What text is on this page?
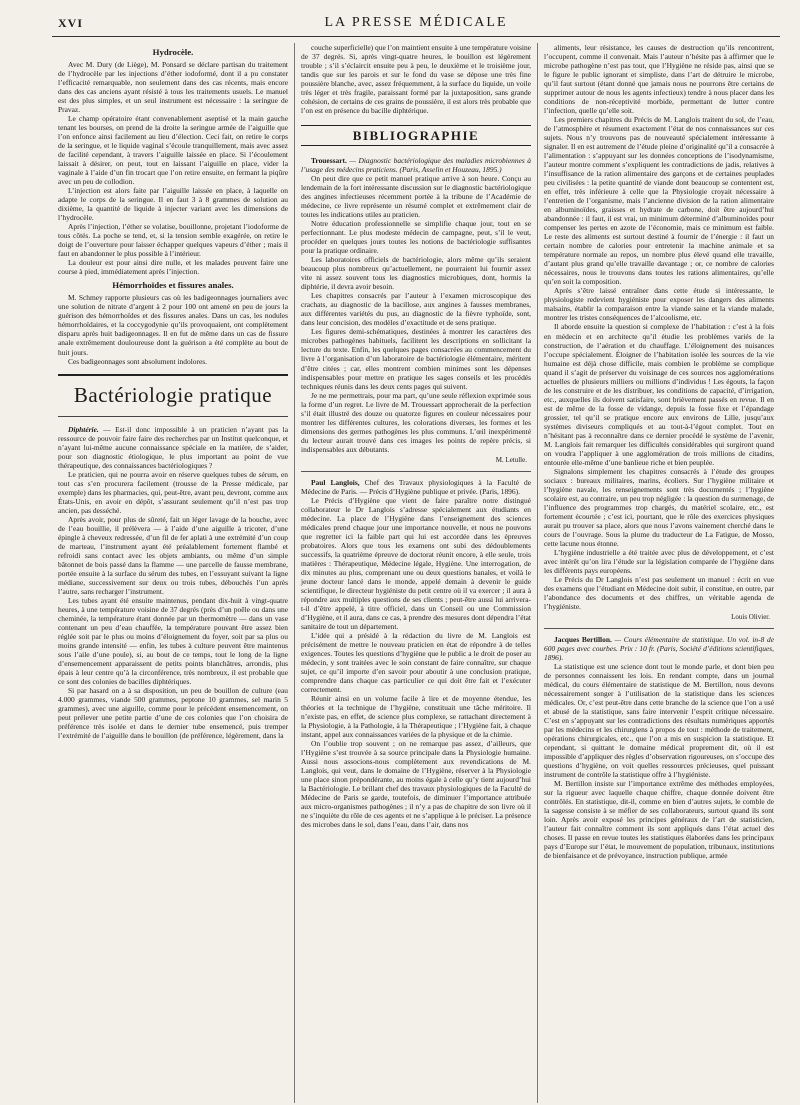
XVI	LA PRESSE MÉDICALE
Hydrocèle.

Avec M. Dury (de Liège), M. Ponsard se déclare partisan du traitement de l’hydrocèle par les injections d’éther iodoformé, dont il a pu constater l’efficacité remarquable, non seulement dans des cas récents, mais encore dans des cas anciens ayant résisté à tous les traitements usuels. Le manuel est des plus simples, et un seul instrument est nécessaire : la seringue de Pravaz.

Le champ opératoire étant convenablement aseptisé et la main gauche tenant les bourses, on prend de la droite la seringue armée de l’aiguille que l’on enfonce ainsi facilement au lieu d’élection. Ceci fait, on retire le corps de la seringue, et le liquide vaginal s’écoule tranquillement, mais avec assez de facilité cependant, à travers l’aiguille laissée en place. Si l’écoulement laissait à désirer, on peut, tout en laissant l’aiguille en place, vider la vaginale à l’aide d’un fin trocart que l’on retire ensuite, en fermant la piqûre avec un peu de collodion.

L’injection est alors faite par l’aiguille laissée en place, à laquelle on adapte le corps de la seringue. Il en faut 3 à 8 grammes de solution au dixième, la quantité de liquide à injecter variant avec les dimensions de l’hydrocèle.

Après l’injection, l’éther se volatise, bouillonne, projetant l’iodoforme de tous côtés. La poche se tend, et, si la tension semble exagérée, on retire le doigt de l’ouverture pour laisser échapper quelques vapeurs d’éther ; mais il faut en abandonner le plus possible à l’intérieur.

La douleur est pour ainsi dire nulle, et les malades peuvent faire une course à pied, immédiatement après l’injection.

Hémorrhoïdes et fissures anales.

M. Schmey rapporte plusieurs cas où les badigeonnages journaliers avec une solution de nitrate d’argent à 2 pour 100 ont amené en peu de jours la guérison des hémorrhoïdes et des fissures anales. Dans un cas, les nodules hémorrhoïdaires, et la coccygodynie qu’ils provoquaient, ont complètement disparu après huit badigeonnages. Il en fut de même dans un cas de fissure anale extrêmement douloureuse dont la guérison a été complète au bout de huit jours.

Ces badigeonnages sont absolument indolores.

Bactériologie pratique

Diphtérie. — Est-il donc impossible à un praticien n’ayant pas la ressource de pouvoir faire faire des recherches par un Institut quelconque, et n’ayant lui-même aucune connaissance spéciale en la matière, de s’aider, pour son diagnostic étiologique, le plus important au point de vue thérapeutique, des connaissances bactériologiques ?

Le praticien, qui ne pourra avoir en réserve quelques tubes de sérum, en tout cas s’en procurera facilement (trousse de la Presse médicale, par exemple) dans les pharmacies, qui, peut-être, avant peu, devront, comme aux États-Unis, en avoir en dépôt, s’assurant seulement qu’il n’est pas trop ancien, pas desséché.

Après avoir, pour plus de sûreté, fait un léger lavage de la bouche, avec de l’eau bouillie, il prélèvera — à l’aide d’une aiguille à tricoter, d’une épingle à cheveux redressée, d’un fil de fer aplati à une extrémité d’un coup de marteau, l’instrument ayant été préalablement fortement flambé et refroidi sans contact avec les objets ambiants, ou même d’un simple bâtonnet de bois passé dans la flamme — une parcelle de fausse membrane, portée ensuite à la surface du sérum des tubes, en l’essuyant suivant la ligne médiane, successivement sur deux ou trois tubes, débouchés l’un après l’autre, sans recharger l’instrument.

Les tubes ayant été ensuite maintenus, pendant dix-huit à vingt-quatre heures, à une température voisine de 37 degrés (près d’un poêle ou dans une cheminée, la température étant donnée par un thermomètre — dans un vase contenant un peu d’eau chauffée, la température pouvant être assez bien réglée soit par le plus ou moins d’éloignement du foyer, soit par sa plus ou moins grande intensité — enfin, les tubes à culture peuvent être maintenus sous l’aile d’une poule), si, au bout de ce temps, tout le long de la ligne d’ensemencement apparaissent de petits points blanchâtres, arrondis, plus épais à leur centre qu’à la circonférence, très nombreux, il est probable que ce sont des colonies de bacilles diphtériques.

Si par hasard on a à sa disposition, un peu de bouillon de culture (eau 4.000 grammes, viande 500 grammes, peptone 10 grammes, sel marin 5 grammes), avec une aiguille, comme pour le précédent ensemencement, on peut prélever une petite partie d’une de ces colonies que l’on choisira de préférence très isolée et dans le dernier tube ensemencé, puis tremper l’extrémité de l’aiguille dans le bouillon (de préférence, légèrement, dans la

couche superficielle) que l’on maintient ensuite à une température voisine de 37 degrés. Si, après vingt-quatre heures, le bouillon est légèrement trouble ; s’il s’éclaircit ensuite peu à peu, le deuxième et le troisième jour, tandis que sur les parois et sur le fond du vase se dépose une très fine poussière blanche, avec, assez fréquemment, à la surface du liquide, un voile très léger et très fragile, paraissant formé par la juxtaposition, sans grande cohésion, de certains de ces grains de poussière, il est alors très probable que l’on est en présence du bacille diphtérique.

BIBLIOGRAPHIE

Trouessart. — Diagnostic bactériologique des maladies microbiennes à l’usage des médecins praticiens. (Paris, Asselin et Houzeau, 1895.)

On peut dire que ce petit manuel pratique arrive à son heure. Conçu au lendemain de la fort intéressante discussion sur le diagnostic bactériologique des angines infectieuses récemment portée à la tribune de l’Académie de médecine, ce livre représente un résumé complet et extrêmement clair de toutes les indications utiles au praticien.

Notre éducation professionnelle se simplifie chaque jour, tout en se perfectionnant. Le plus modeste médecin de campagne, peut, s’il le veut, procéder en quelques jours toutes les notions de bactériologie suffisantes pour la pratique ordinaire.

Les laboratoires officiels de bactériologie, alors même qu’ils seraient beaucoup plus nombreux qu’actuellement, ne pourraient lui fournir assez vite ni assez souvent tous les diagnostics microbiques, dont, hormis la diphtérie, il devra avoir besoin.

Les chapitres consacrés par l’auteur à l’examen microscopique des crachats, au diagnostic de la bacillose, aux angines à fausses membranes, aux différentes variétés du pus, au diagnostic de la fièvre typhoïde, sont, dans leur concision, des modèles d’exactitude et de sens pratique.

Les figures demi-schématiques, destinées à montrer les caractères des microbes pathogènes habituels, facilitent les descriptions en sollicitant la lecture du texte. Enfin, les quelques pages consacrées au commencement du livre à l’organisation d’un laboratoire de bactériologie élémentaire, méritent d’être citées ; car, elles montrent combien minimes sont les dépenses indispensables pour mettre en pratique les sages conseils et les procédés techniques réunis dans les deux cents pages qui suivent.

Je ne me permettrais, pour ma part, qu’une seule réflexion exprimée sous la forme d’un regret. Le livre de M. Trouessart approcherait de la perfection s’il était illustré des douze ou quatorze figures en couleur nécessaires pour montrer les différentes cultures, les colorations diverses, les formes et les dimensions des germes pathogènes les plus communs. L’œil inexpérimenté du lecteur aurait trouvé dans ces images les points de repère précis, si indispensables aux débutants.

M. Letulle.

Paul Langlois, Chef des Travaux physiologiques à la Faculté de Médecine de Paris. — Précis d’Hygiène publique et privée. (Paris, 1896).

Le Précis d’Hygiène que vient de faire paraître notre distingué collaborateur le Dr Langlois s’adresse spécialement aux étudiants en médecine. La place de l’Hygiène dans l’enseignement des sciences médicales prend chaque jour une importance nouvelle, et nous ne pouvons que regretter ici la faible part qui lui est accordée dans les épreuves probatoires. Alors que tous les examens ont subi des dédoublements successifs, la quatrième épreuve de doctorat réunit encore, à elle seule, trois matières : Thérapeutique, Médecine légale, Hygiène. Une interrogation, de dix minutes au plus, comprenant une ou deux questions banales, et voilà le jeune docteur lancé dans le monde, appelé demain à devenir le guide scientifique, le directeur hygiéniste du petit centre où il va exercer ; il aura à répondre aux multiples questions de ses clients ; peut-être aussi lui arrivera-t-il d’être appelé, à titre officiel, dans un Conseil ou une Commission d’Hygiène, et il aura, dans ce cas, à prendre des mesures dont dépendra l’état sanitaire de tout un département.

L’idée qui a présidé à la rédaction du livre de M. Langlois est précisément de mettre le nouveau praticien en état de répondre à de telles exigences. Toutes les questions d’hygiène que le public a le droit de poser au médecin, y sont traitées avec le soin constant de faire connaître, sur chaque sujet, ce qu’il importe d’en savoir pour aboutir à une conclusion pratique, comprendre dans chaque cas particulier ce qui doit être fait et l’exécuter correctement.

Réunir ainsi en un volume facile à lire et de moyenne étendue, les théories et la technique de l’hygiène, constituait une tâche méritoire. Il n’existe pas, en effet, de science plus complexe, se rattachant directement à la Physiologie, à la Pathologie, à la Thérapeutique ; l’Hygiène fait, à chaque instant, appel aux connaissances variées de la physique et de la chimie.

On l’oublie trop souvent ; on ne remarque pas assez, d’ailleurs, que l’Hygiène s’est trouvée à sa source principale dans la Physiologie humaine. Aussi nous associons-nous complètement aux revendications de M. Langlois, qui veut, dans le domaine de l’Hygiène, réserver à la Physiologie une place sinon prépondérante, au moins égale à celle qu’y tient aujourd’hui la Bactériologie. Le brillant chef des travaux physiologiques de la Faculté de Médecine de Paris se garde, toutefois, de diminuer l’importance attribuée aux micro-organismes pathogènes ; il n’y a pas de chapitre de son livre où il ne s’inquiète du rôle de ces agents et ne s’applique à le préciser. La présence des microbes dans le sol, dans l’eau, dans l’air, dans nos

aliments, leur résistance, les causes de destruction qu’ils rencontrent, l’occupent, comme il convenait. Mais l’auteur n’hésite pas à affirmer que le microbe pathogène n’est pas tout, que l’Hygiène ne réside pas, ainsi que se le figure le public ignorant et simpliste, dans l’art de détruire le microbe, qu’il faut surtout (étant donné que jamais nous ne pourrons être certains de supprimer autour de nous les agents infectieux) tendre à nous placer dans les conditions de non-réceptivité morbide, permettant de lutter contre l’infection, quelle qu’elle soit.

Les premiers chapitres du Précis de M. Langlois traitent du sol, de l’eau, de l’atmosphère et résument exactement l’état de nos connaissances sur ces sujets. Nous n’y trouvons pas de nouveauté spécialement intéressante à signaler. Il en est autrement de l’étude pleine d’originalité qu’il a consacrée à l’alimentation : s’appuyant sur les données conceptions de l’isodynamisme, l’auteur montre comment s’expliquent les contradictions de jadis, relatives à l’insuffisance de la ration alimentaire des garçons et de certaines peuplades peu civilisées : la petite quantité de viande dont beaucoup se contentent est, en effet, très inférieure à celle que la Physiologie croyait nécessaire à l’entretien de l’organisme, mais l’ancienne division de la ration alimentaire en albuminoïdes, graisses et hydrate de carbone, doit être aujourd’hui abandonnée : il faut, il est vrai, un minimum déterminé d’albuminoïdes pour compenser les pertes en azote de l’économie, mais ce minimum est faible. Le reste des aliments est surtout destiné à fournir de l’énergie : il faut un certain nombre de calories pour entretenir la machine animale et sa température normale au repos, un nombre plus élevé quand elle travaille, d’autant plus grand qu’elle travaille davantage ; or, ce nombre de calories nécessaires, nous le trouvons dans toutes les rations alimentaires, qu’elle qu’en soit la composition.

Après s’être laissé entraîner dans cette étude si intéressante, le physiologiste redevient hygiéniste pour exposer les dangers des aliments malsains, établir la comparaison entre la viande saine et la viande malade, montrer les tristes conséquences de l’alcoolisme, etc.

Il aborde ensuite la question si complexe de l’habitation : c’est à la fois en médecin et en architecte qu’il étudie les problèmes variés de la construction, de l’aération et du chauffage. L’éloignement des nuisances l’occupe spécialement. Éloigner de l’habitation isolée les sources de la vie humaine est déjà chose difficile, mais combien le problème se complique quand il s’agit de préserver du voisinage de ces sources nos agglomérations actuelles de plusieurs milliers ou millions d’individus ! Les égouts, la façon de les construire et de les distribuer, les conditions de capacité, d’irrigation, etc., auxquelles ils doivent satisfaire, sont brièvement passés en revue. Il en est de même de la fosse de vidange, depuis la fosse fixe et l’épandage grossier, tel qu’il se pratique encore aux environs de Lille, jusqu’aux systèmes diviseurs compliqués et au tout-à-l’égout complet. Tout en n’hésitant pas à reconnaître dans ce dernier procédé le système de l’avenir, M. Langlois fait remarquer les difficultés considérables qui surgiront quand on voudra l’appliquer à une agglomération de trois millions de citadins, entourée elle-même d’une banlieue riche et bien peuplée.

Signalons simplement les chapitres consacrés à l’étude des groupes sociaux : bureaux militaires, marins, écoliers. Sur l’hygiène militaire et l’hygiène navale, les renseignements sont très documentés ; l’hygiène scolaire est, au contraire, un peu trop négligée : la question du surmenage, de l’influence des programmes trop chargés, du matériel scolaire, etc., est fortement écourtée ; c’est ici, pourtant, que le rôle des exercices physiques aurait pu trouver sa place, alors que nous l’avons vainement cherché dans le cours de l’ouvrage. Sous la plume du traducteur de La Fatigue, de Mosso, cette lacune nous étonne.

L’hygiène industrielle a été traitée avec plus de développement, et c’est avec intérêt qu’on lira l’étude sur la législation comparée de l’hygiène dans les différents pays européens.

Le Précis du Dr Langlois n’est pas seulement un manuel : écrit en vue des examens que l’étudiant en Médecine doit subir, il constitue, en outre, par l’abondance des documents et des chiffres, un véritable agenda de l’hygiéniste.

Louis Olivier.

Jacques Bertillon. — Cours élémentaire de statistique. Un vol. in-8 de 600 pages avec courbes. Prix : 10 fr. (Paris, Société d’éditions scientifiques, 1896).

La statistique est une science dont tout le monde parle, et dont bien peu de personnes connaissent les lois. En rendant compte, dans un journal médical, du cours élémentaire de statistique de M. Bertillon, nous devons nécessairement songer à l’utilisation de la statistique dans les sciences médicales. Or, c’est peut-être dans cette branche de la science que l’on a usé et abusé de la statistique, sans faire intervenir l’esprit critique nécessaire. C’est en s’appuyant sur les contradictions des résultats numériques apportés par les médecins et les chirurgiens à propos de tout : méthode de traitement, opérations chirurgicales, etc., que l’on a mis en suspicion la statistique. Et cependant, si quittant le domaine médical proprement dit, où il est impossible d’appliquer des règles d’observation rigoureuses, on s’occupe des questions d’hygiène, on voit quelles ressources précieuses, quel puissant instrument de contrôle la statistique offre à l’hygiéniste.

M. Bertillon insiste sur l’importance extrême des méthodes employées, sur la rigueur avec laquelle chaque chiffre, chaque donnée doivent être contrôlés. En statistique, dit-il, comme en bien d’autres sujets, le comble de la sagesse consiste à se méfier de ses collaborateurs, surtout quand ils sont loin. Après avoir exposé les principes généraux de l’art de statisticien, l’auteur fait connaître comment ils sont appliqués dans l’état actuel des choses. Il passe en revue toutes les statistiques élaborées dans les principaux pays d’Europe sur l’état, le mouvement de population, tribunaux, institutions de bienfaisance et de prévoyance, instruction publique, armée
